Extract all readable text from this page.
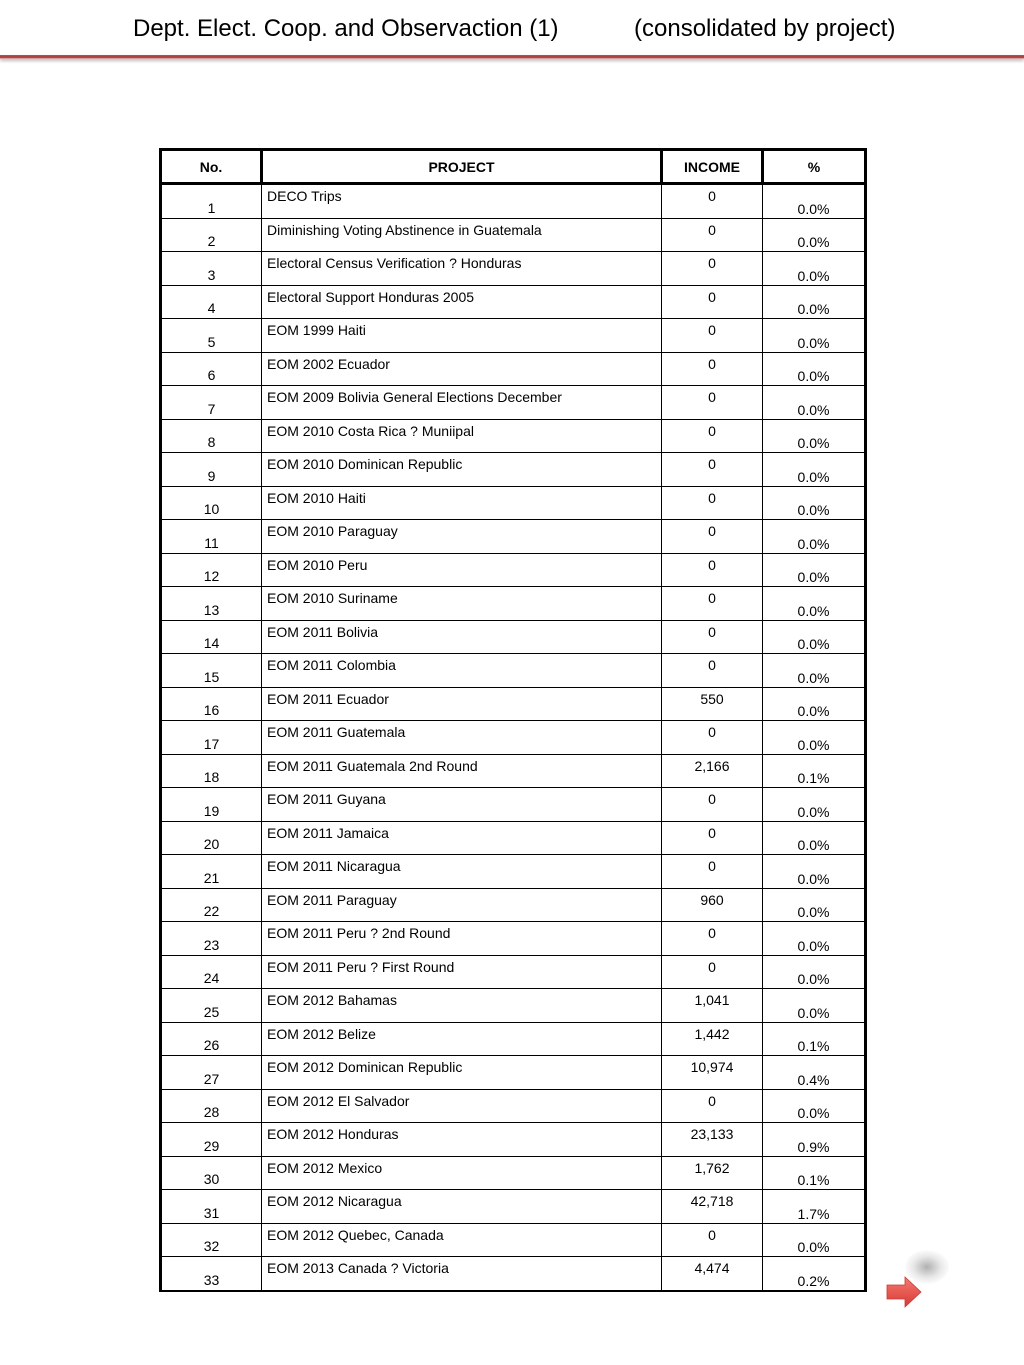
Dept. Elect. Coop. and Observaction (1)	(consolidated by project)
No.	PROJECT	INCOME	%
1	DECO Trips	0	0.0%
2	Diminishing Voting Abstinence in Guatemala	0	0.0%
3	Electoral Census Verification ? Honduras	0	0.0%
4	Electoral Support Honduras 2005	0	0.0%
5	EOM 1999 Haiti	0	0.0%
6	EOM 2002 Ecuador	0	0.0%
7	EOM 2009 Bolivia General Elections December	0	0.0%
8	EOM 2010 Costa Rica ? Muniipal	0	0.0%
9	EOM 2010 Dominican Republic	0	0.0%
10	EOM 2010 Haiti	0	0.0%
11	EOM 2010 Paraguay	0	0.0%
12	EOM 2010 Peru	0	0.0%
13	EOM 2010 Suriname	0	0.0%
14	EOM 2011 Bolivia	0	0.0%
15	EOM 2011 Colombia	0	0.0%
16	EOM 2011 Ecuador	550	0.0%
17	EOM 2011 Guatemala	0	0.0%
18	EOM 2011 Guatemala 2nd Round	2,166	0.1%
19	EOM 2011 Guyana	0	0.0%
20	EOM 2011 Jamaica	0	0.0%
21	EOM 2011 Nicaragua	0	0.0%
22	EOM 2011 Paraguay	960	0.0%
23	EOM 2011 Peru ? 2nd Round	0	0.0%
24	EOM 2011 Peru ? First Round	0	0.0%
25	EOM 2012 Bahamas	1,041	0.0%
26	EOM 2012 Belize	1,442	0.1%
27	EOM 2012 Dominican Republic	10,974	0.4%
28	EOM 2012 El Salvador	0	0.0%
29	EOM 2012 Honduras	23,133	0.9%
30	EOM 2012 Mexico	1,762	0.1%
31	EOM 2012 Nicaragua	42,718	1.7%
32	EOM 2012 Quebec, Canada	0	0.0%
33	EOM 2013 Canada ? Victoria	4,474	0.2%
